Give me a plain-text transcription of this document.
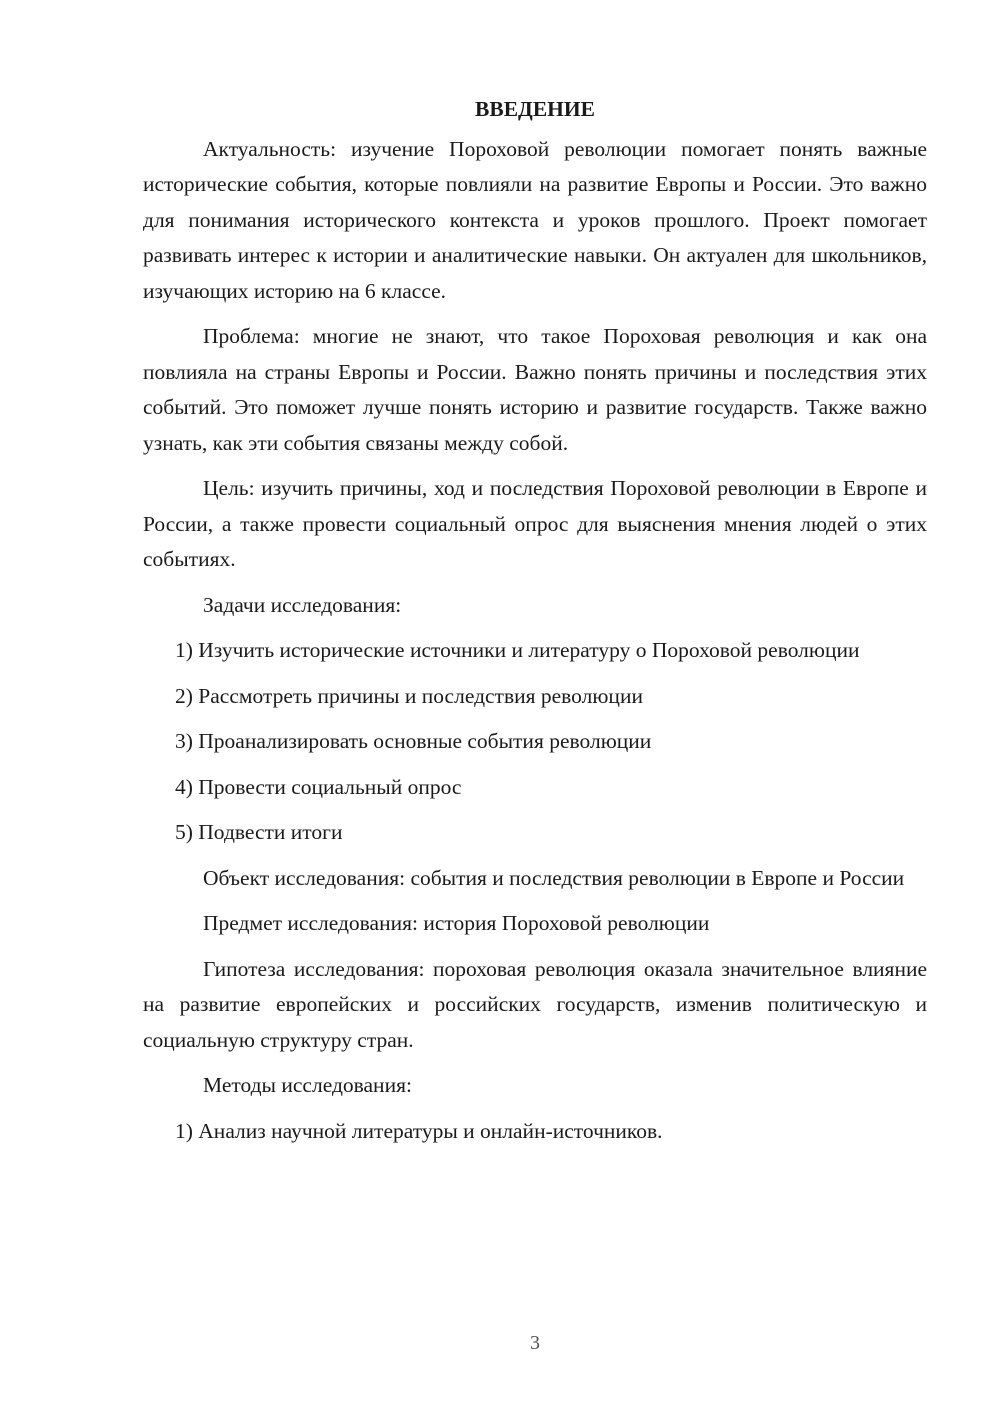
ВВЕДЕНИЕ

Актуальность: изучение Пороховой революции помогает понять важные исторические события, которые повлияли на развитие Европы и России. Это важно для понимания исторического контекста и уроков прошлого. Проект помогает развивать интерес к истории и аналитические навыки. Он актуален для школьников, изучающих историю на 6 классе.

Проблема: многие не знают, что такое Пороховая революция и как она повлияла на страны Европы и России. Важно понять причины и последствия этих событий. Это поможет лучше понять историю и развитие государств. Также важно узнать, как эти события связаны между собой.

Цель: изучить причины, ход и последствия Пороховой революции в Европе и России, а также провести социальный опрос для выяснения мнения людей о этих событиях.

Задачи исследования:

1) Изучить исторические источники и литературу о Пороховой революции

2) Рассмотреть причины и последствия революции

3) Проанализировать основные события революции

4) Провести социальный опрос

5) Подвести итоги

Объект исследования: события и последствия революции в Европе и России

Предмет исследования: история Пороховой революции

Гипотеза исследования: пороховая революция оказала значительное влияние на развитие европейских и российских государств, изменив политическую и социальную структуру стран.

Методы исследования:

1) Анализ научной литературы и онлайн-источников.

3
